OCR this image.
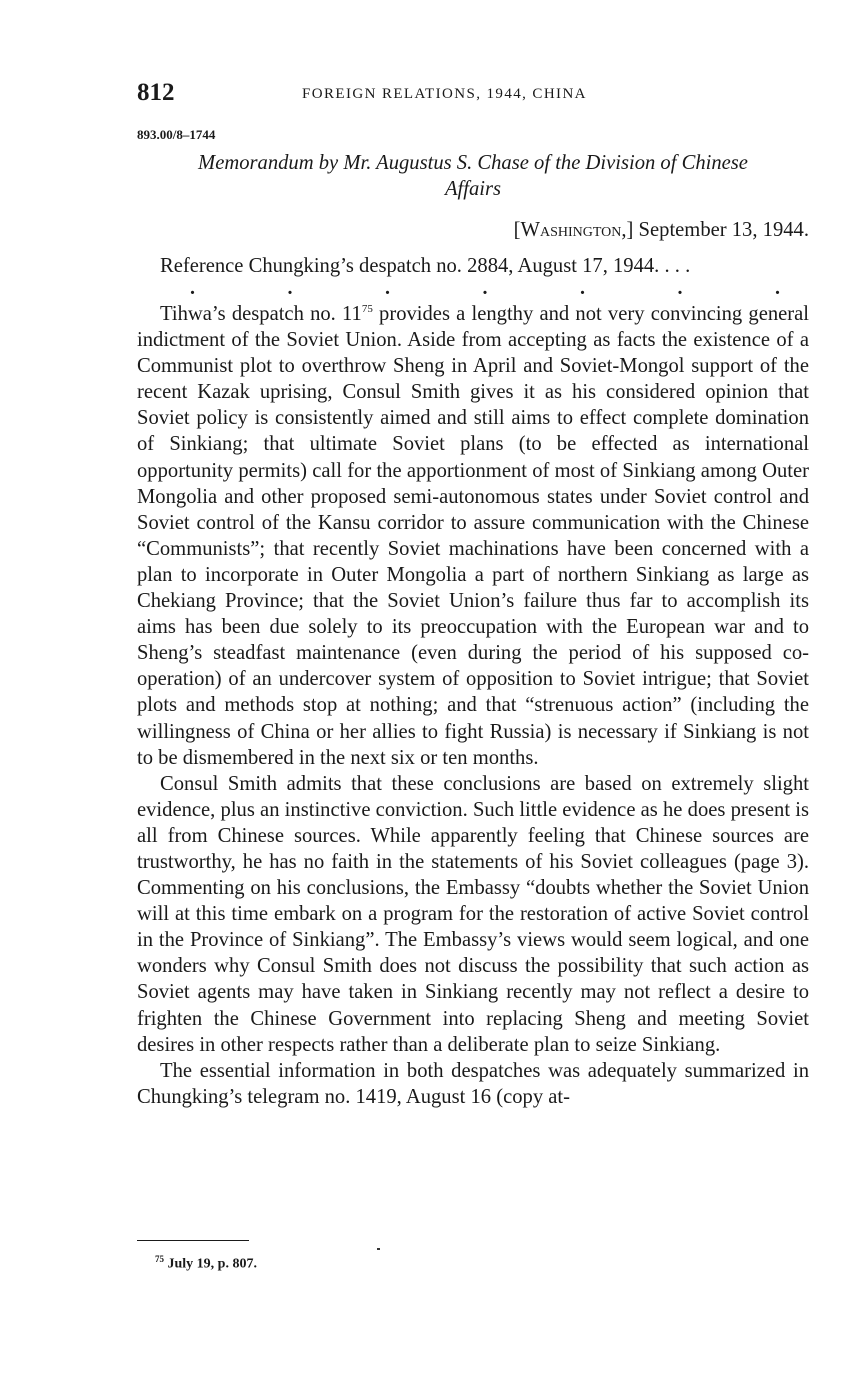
812	FOREIGN RELATIONS, 1944, CHINA
893.00/8–1744
Memorandum by Mr. Augustus S. Chase of the Division of Chinese
Affairs
[Washington,] September 13, 1944.
Reference Chungking’s despatch no. 2884, August 17, 1944. . . .
.	.	.	.	.	.	.

Tihwa’s despatch no. 11$^{75}$ provides a lengthy and not very convincing general indictment of the Soviet Union. Aside from accepting as facts the existence of a Communist plot to overthrow Sheng in April and Soviet-Mongol support of the recent Kazak uprising, Consul Smith gives it as his considered opinion that Soviet policy is consistently aimed and still aims to effect complete domination of Sinkiang; that ultimate Soviet plans (to be effected as international opportunity permits) call for the apportionment of most of Sinkiang among Outer Mongolia and other proposed semi-autonomous states under Soviet control and Soviet control of the Kansu corridor to assure communication with the Chinese “Communists”; that recently Soviet machinations have been concerned with a plan to incorporate in Outer Mongolia a part of northern Sinkiang as large as Chekiang Province; that the Soviet Union’s failure thus far to accomplish its aims has been due solely to its preoccupation with the European war and to Sheng’s steadfast maintenance (even during the period of his supposed cooperation) of an undercover system of opposition to Soviet intrigue; that Soviet plots and methods stop at nothing; and that “strenuous action” (including the willingness of China or her allies to fight Russia) is necessary if Sinkiang is not to be dismembered in the next six or ten months.

Consul Smith admits that these conclusions are based on extremely slight evidence, plus an instinctive conviction. Such little evidence as he does present is all from Chinese sources. While apparently feeling that Chinese sources are trustworthy, he has no faith in the statements of his Soviet colleagues (page 3). Commenting on his conclusions, the Embassy “doubts whether the Soviet Union will at this time embark on a program for the restoration of active Soviet control in the Province of Sinkiang”. The Embassy’s views would seem logical, and one wonders why Consul Smith does not discuss the possibility that such action as Soviet agents may have taken in Sinkiang recently may not reflect a desire to frighten the Chinese Government into replacing Sheng and meeting Soviet desires in other respects rather than a deliberate plan to seize Sinkiang.

The essential information in both despatches was adequately summarized in Chungking’s telegram no. 1419, August 16 (copy at-

$^{75}$ July 19, p. 807.
